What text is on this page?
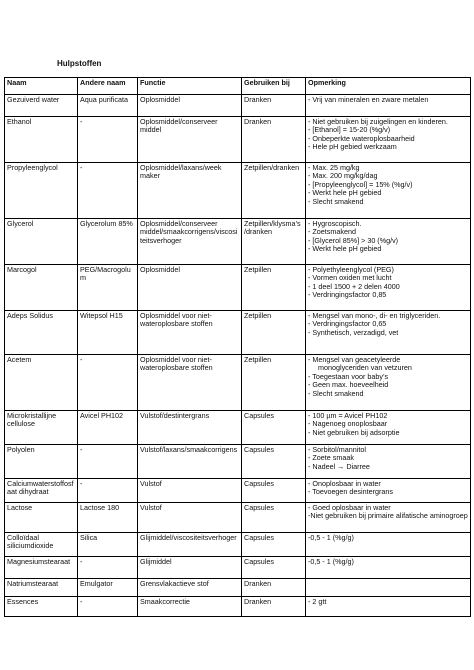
Hulpstoffen
Naam	Andere naam	Functie	Gebruiken bij	Opmerking
Gezuiverd water	Aqua purificata	Oplosmiddel	Dranken	- Vrij van mineralen en zware metalen

Ethanol	-	Oplosmiddel/conserveer middel	Dranken	- Niet gebruiken bij zuigelingen en kinderen.
- [Ethanol] = 15-20 (%g/v)
- Onbeperkte wateroplosbaarheid
- Hele pH gebied werkzaam

Propyleenglycol	-	Oplosmiddel/laxans/week maker	Zetpillen/dranken	- Max. 25 mg/kg
- Max. 200 mg/kg/dag
- [Propyleenglycol] = 15% (%g/v)
- Werkt hele pH gebied
- Slecht smakend

Glycerol	Glycerolum 85%	Oplosmiddel/conserveer middel/smaakcorrigens/viscositeitsverhoger	Zetpillen/klysma’s /dranken	- Hygroscopisch.
- Zoetsmakend
- [Glycerol 85%] > 30 (%g/v)
- Werkt hele pH gebied

Marcogol	PEG/Macrogolum	Oplosmiddel	Zetpillen	- Polyethyleenglycol (PEG)
- Vormen oxiden met lucht
- 1 deel 1500 + 2 delen 4000
- Verdringingsfactor 0,85

Adeps Solidus	Witepsol H15	Oplosmiddel voor niet-wateroplosbare stoffen	Zetpillen	- Mengsel van mono-, di- en triglyceriden.
- Verdringingsfactor 0,65
- Synthetisch, verzadigd, vet

Acetem	-	Oplosmiddel voor niet-wateroplosbare stoffen	Zetpillen	- Mengsel van geacetyleerde
monoglyceriden van vetzuren
- Toegestaan voor baby’s
- Geen max. hoeveelheid
- Slecht smakend

Microkristallijne cellulose	Avicel PH102	Vulstof/destintergrans	Capsules	- 100 µm = Avicel PH102
- Nagenoeg onoplosbaar
- Niet gebruiken bij adsorptie

Polyolen	-	Vulstof/laxans/smaakcorrigens	Capsules	- Sorbitol/mannitol
- Zoete smaak
- Nadeel → Diarree

Calciumwaterstoffosfaat dihydraat	-	Vulstof	Capsules	- Onoplosbaar in water
- Toevoegen desintergrans

Lactose	Lactose 180	Vulstof	Capsules	- Goed oplosbaar in water
-Niet gebruiken bij primaire alifatische aminogroep

Colloïdaal siliciumdioxide	Silica	Glijmiddel/viscositeitsverhoger	Capsules	-0,5 - 1 (%g/g)

Magnesiumstearaat	-	Glijmiddel	Capsules	-0,5 - 1 (%g/g)

Natriumstearaat	Emulgator	Grensvlakactieve stof	Dranken	

Essences	-	Smaakcorrectie	Dranken	- 2 gtt
